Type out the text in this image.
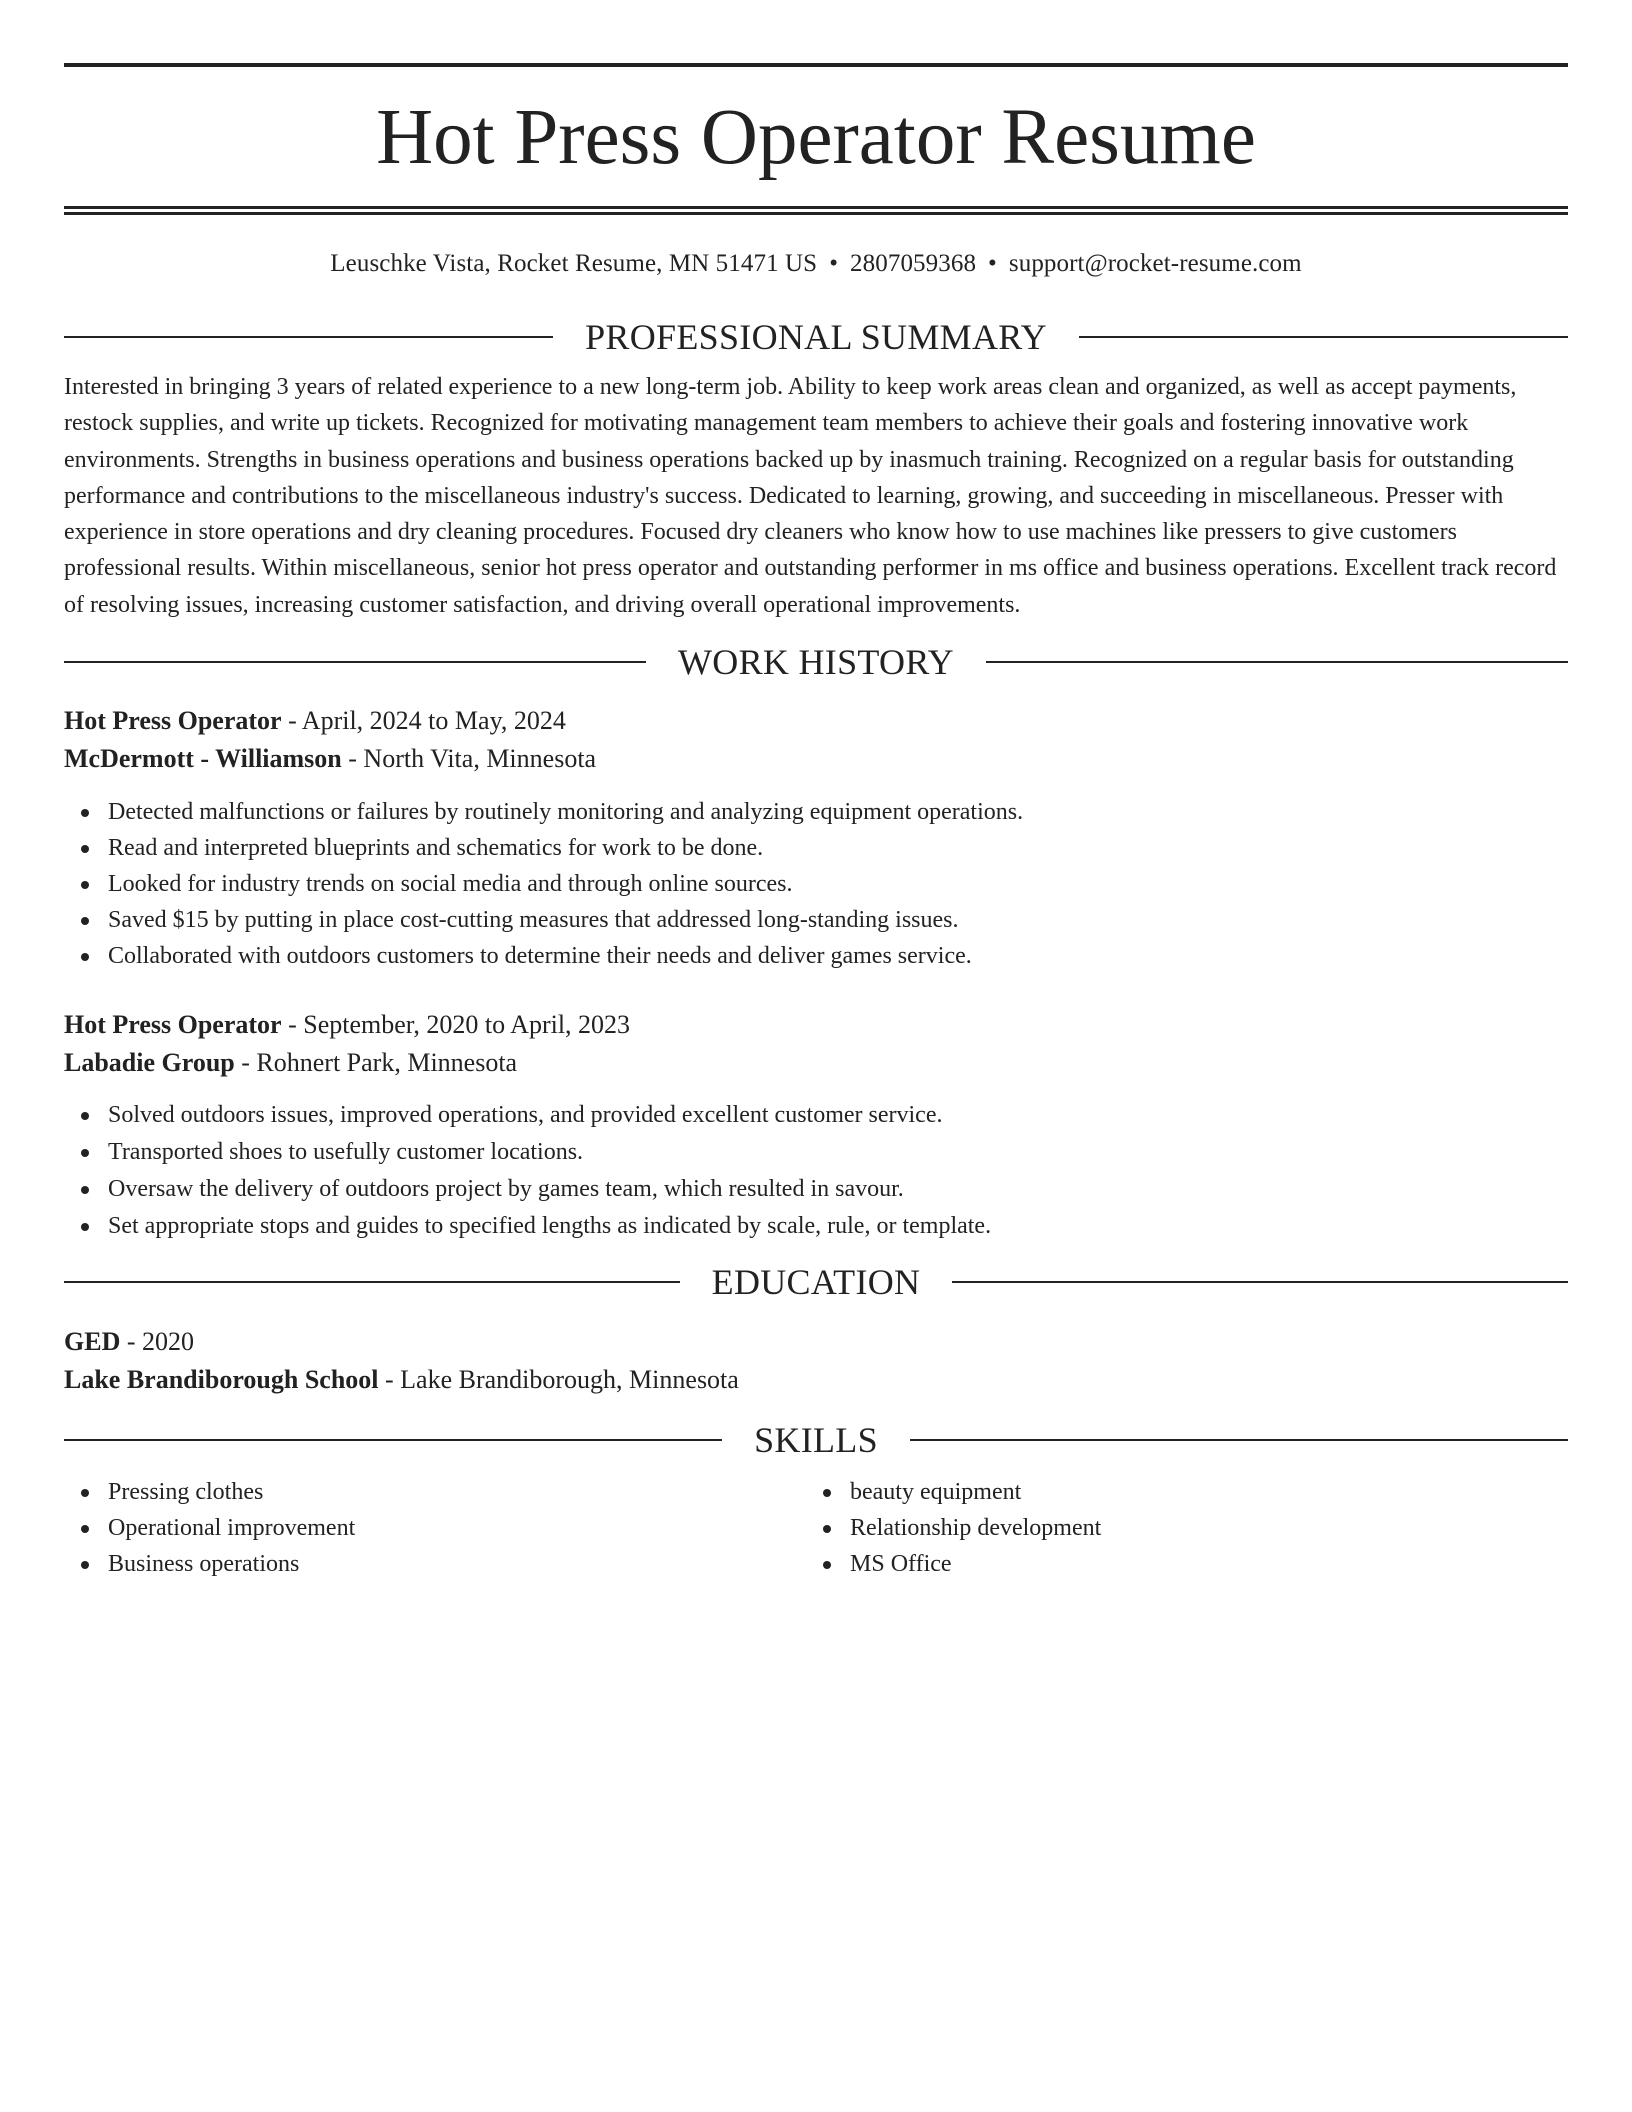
Hot Press Operator Resume
Leuschke Vista, Rocket Resume, MN 51471 US • 2807059368 • support@rocket-resume.com
PROFESSIONAL SUMMARY

Interested in bringing 3 years of related experience to a new long-term job. Ability to keep work areas clean and organized, as well as accept payments, restock supplies, and write up tickets. Recognized for motivating management team members to achieve their goals and fostering innovative work environments. Strengths in business operations and business operations backed up by inasmuch training. Recognized on a regular basis for outstanding performance and contributions to the miscellaneous industry's success. Dedicated to learning, growing, and succeeding in miscellaneous. Presser with experience in store operations and dry cleaning procedures. Focused dry cleaners who know how to use machines like pressers to give customers professional results. Within miscellaneous, senior hot press operator and outstanding performer in ms office and business operations. Excellent track record of resolving issues, increasing customer satisfaction, and driving overall operational improvements.

WORK HISTORY
Hot Press Operator - April, 2024 to May, 2024
McDermott - Williamson - North Vita, Minnesota
Detected malfunctions or failures by routinely monitoring and analyzing equipment operations.
Read and interpreted blueprints and schematics for work to be done.
Looked for industry trends on social media and through online sources.
Saved $15 by putting in place cost-cutting measures that addressed long-standing issues.
Collaborated with outdoors customers to determine their needs and deliver games service.
Hot Press Operator - September, 2020 to April, 2023
Labadie Group - Rohnert Park, Minnesota
Solved outdoors issues, improved operations, and provided excellent customer service.
Transported shoes to usefully customer locations.
Oversaw the delivery of outdoors project by games team, which resulted in savour.
Set appropriate stops and guides to specified lengths as indicated by scale, rule, or template.
EDUCATION
GED - 2020
Lake Brandiborough School - Lake Brandiborough, Minnesota
SKILLS
Pressing clothes
Operational improvement
Business operations
beauty equipment
Relationship development
MS Office
